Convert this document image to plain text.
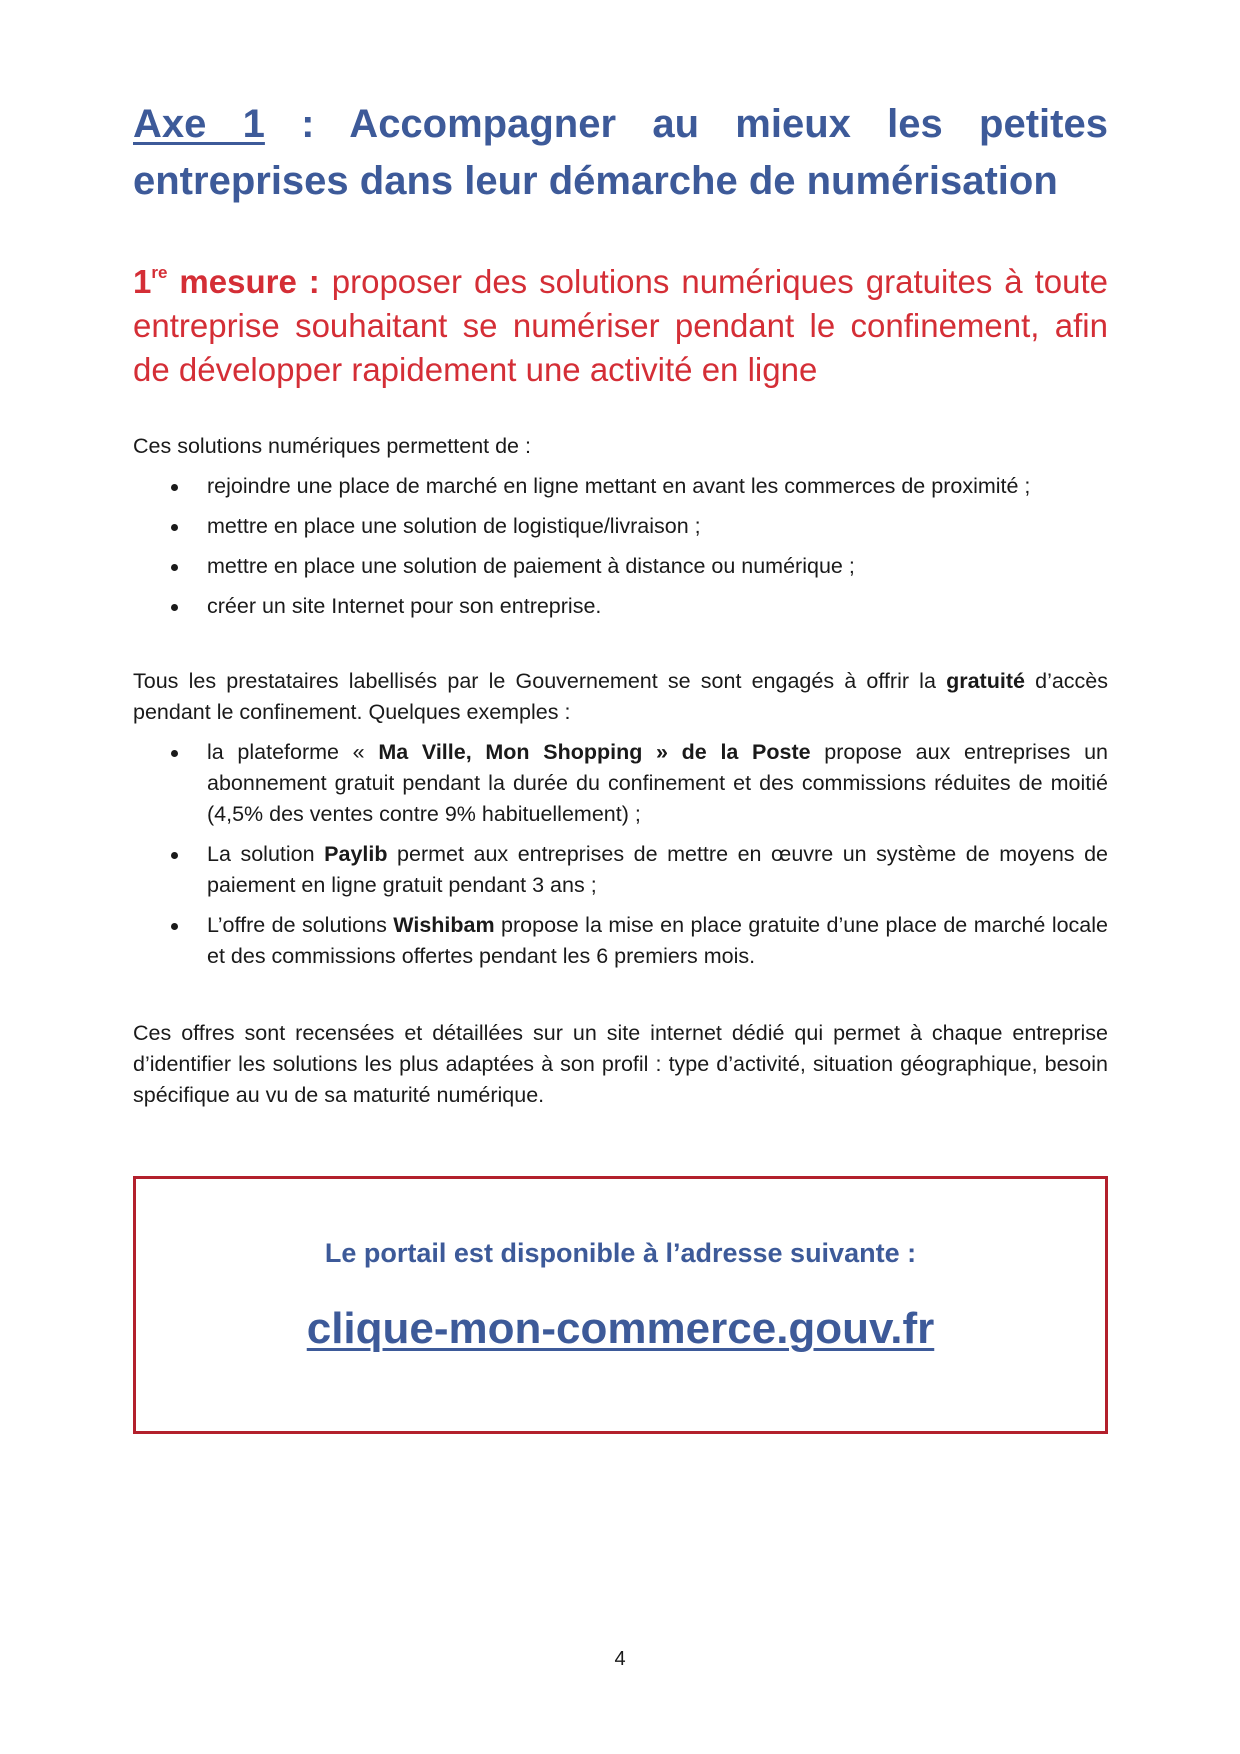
Axe 1 : Accompagner au mieux les petites entreprises dans leur démarche de numérisation

1re mesure : proposer des solutions numériques gratuites à toute entreprise souhaitant se numériser pendant le confinement, afin de développer rapidement une activité en ligne

Ces solutions numériques permettent de :

rejoindre une place de marché en ligne mettant en avant les commerces de proximité ;
mettre en place une solution de logistique/livraison ;
mettre en place une solution de paiement à distance ou numérique ;
créer un site Internet pour son entreprise.

Tous les prestataires labellisés par le Gouvernement se sont engagés à offrir la gratuité d’accès pendant le confinement. Quelques exemples :

la plateforme « Ma Ville, Mon Shopping » de la Poste propose aux entreprises un abonnement gratuit pendant la durée du confinement et des commissions réduites de moitié (4,5% des ventes contre 9% habituellement) ;
La solution Paylib permet aux entreprises de mettre en œuvre un système de moyens de paiement en ligne gratuit pendant 3 ans ;
L’offre de solutions Wishibam propose la mise en place gratuite d’une place de marché locale et des commissions offertes pendant les 6 premiers mois.

Ces offres sont recensées et détaillées sur un site internet dédié qui permet à chaque entreprise d’identifier les solutions les plus adaptées à son profil : type d’activité, situation géographique, besoin spécifique au vu de sa maturité numérique.

Le portail est disponible à l’adresse suivante :

clique-mon-commerce.gouv.fr
4
